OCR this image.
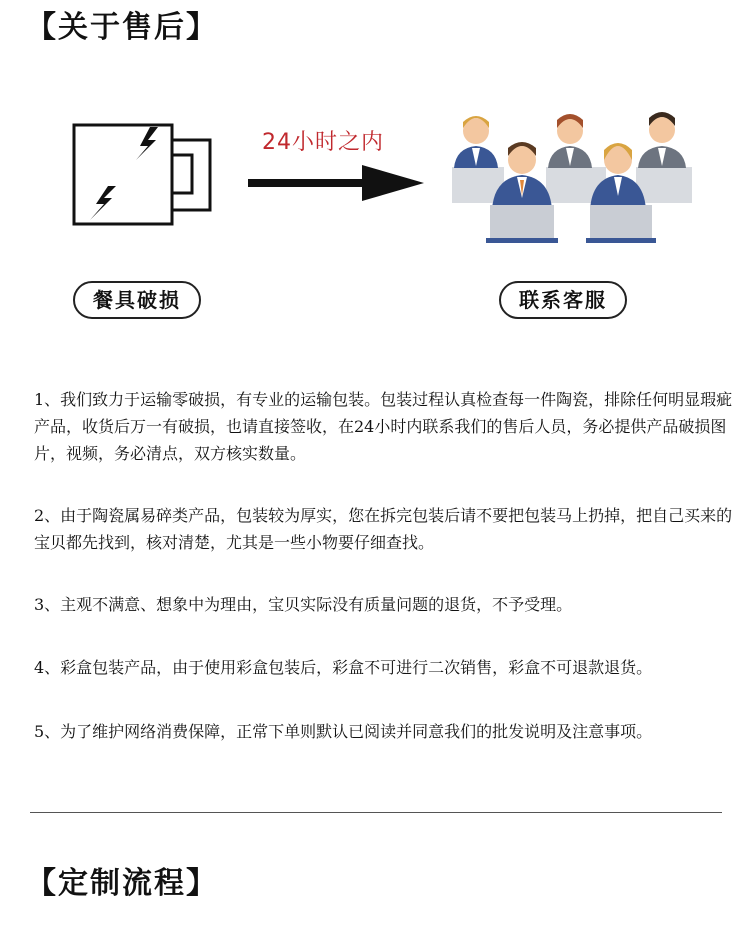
【关于售后】
24小时之内
餐具破损	联系客服
1、我们致力于运输零破损，有专业的运输包装。包装过程认真检查每一件陶瓷，排除任何明显瑕疵产品，收货后万一有破损，也请直接签收，在24小时内联系我们的售后人员，务必提供产品破损图片，视频，务必清点，双方核实数量。
2、由于陶瓷属易碎类产品，包装较为厚实，您在拆完包装后请不要把包装马上扔掉，把自己买来的宝贝都先找到，核对清楚，尤其是一些小物要仔细查找。
3、主观不满意、想象中为理由，宝贝实际没有质量问题的退货，不予受理。
4、彩盒包装产品，由于使用彩盒包装后，彩盒不可进行二次销售，彩盒不可退款退货。
5、为了维护网络消费保障，正常下单则默认已阅读并同意我们的批发说明及注意事项。
【定制流程】
